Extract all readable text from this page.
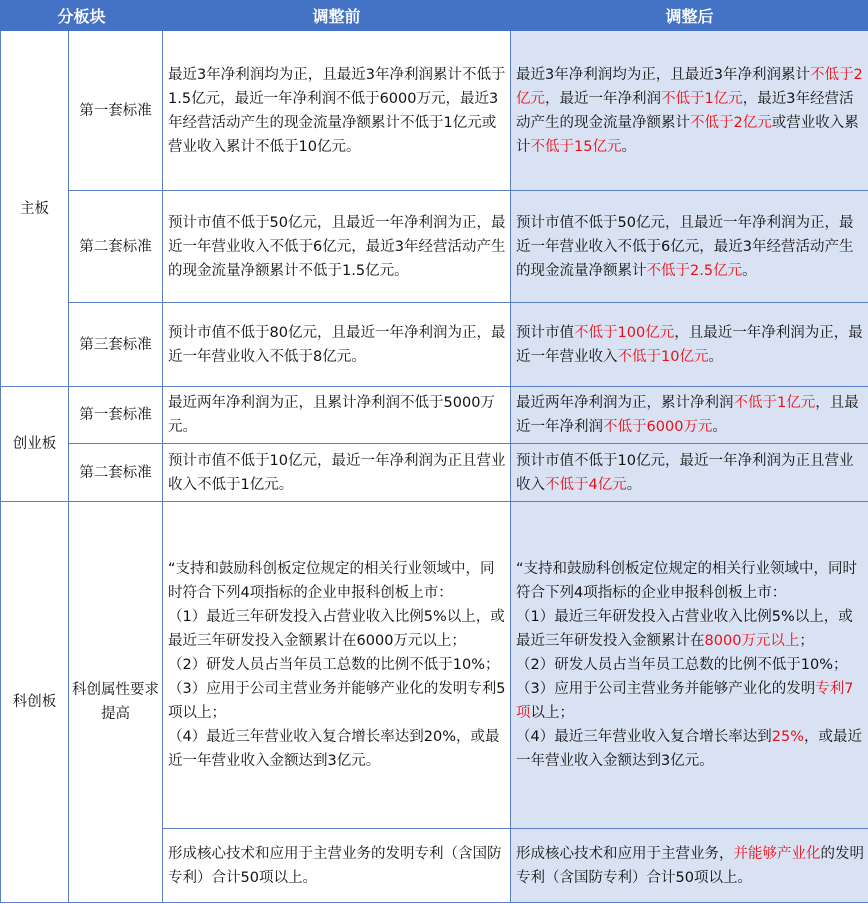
分板块		调整前	调整后
主板	第一套标准	最近3年净利润均为正，且最近3年净利润累计不低于1.5亿元，最近一年净利润不低于6000万元，最近3年经营活动产生的现金流量净额累计不低于1亿元或营业收入累计不低于10亿元。	最近3年净利润均为正，且最近3年净利润累计不低于2亿元，最近一年净利润不低于1亿元，最近3年经营活动产生的现金流量净额累计不低于2亿元或营业收入累计不低于15亿元。
	第二套标准	预计市值不低于50亿元，且最近一年净利润为正，最近一年营业收入不低于6亿元，最近3年经营活动产生的现金流量净额累计不低于1.5亿元。	预计市值不低于50亿元，且最近一年净利润为正，最近一年营业收入不低于6亿元，最近3年经营活动产生的现金流量净额累计不低于2.5亿元。
	第三套标准	预计市值不低于80亿元，且最近一年净利润为正，最近一年营业收入不低于8亿元。	预计市值不低于100亿元，且最近一年净利润为正，最近一年营业收入不低于10亿元。
创业板	第一套标准	最近两年净利润为正，且累计净利润不低于5000万元。	最近两年净利润为正，累计净利润不低于1亿元，且最近一年净利润不低于6000万元。
	第二套标准	预计市值不低于10亿元，最近一年净利润为正且营业收入不低于1亿元。	预计市值不低于10亿元，最近一年净利润为正且营业收入不低于4亿元。
科创板	科创属性要求提高	“支持和鼓励科创板定位规定的相关行业领域中，同时符合下列4项指标的企业申报科创板上市：
（1）最近三年研发投入占营业收入比例5%以上，或最近三年研发投入金额累计在6000万元以上；
（2）研发人员占当年员工总数的比例不低于10%；
（3）应用于公司主营业务并能够产业化的发明专利5项以上；
（4）最近三年营业收入复合增长率达到20%，或最近一年营业收入金额达到3亿元。	“支持和鼓励科创板定位规定的相关行业领域中，同时符合下列4项指标的企业申报科创板上市：
（1）最近三年研发投入占营业收入比例5%以上，或最近三年研发投入金额累计在8000万元以上；
（2）研发人员占当年员工总数的比例不低于10%；
（3）应用于公司主营业务并能够产业化的发明专利7项以上；
（4）最近三年营业收入复合增长率达到25%，或最近一年营业收入金额达到3亿元。

		形成核心技术和应用于主营业务的发明专利（含国防专利）合计50项以上。	形成核心技术和应用于主营业务，并能够产业化的发明专利（含国防专利）合计50项以上。
